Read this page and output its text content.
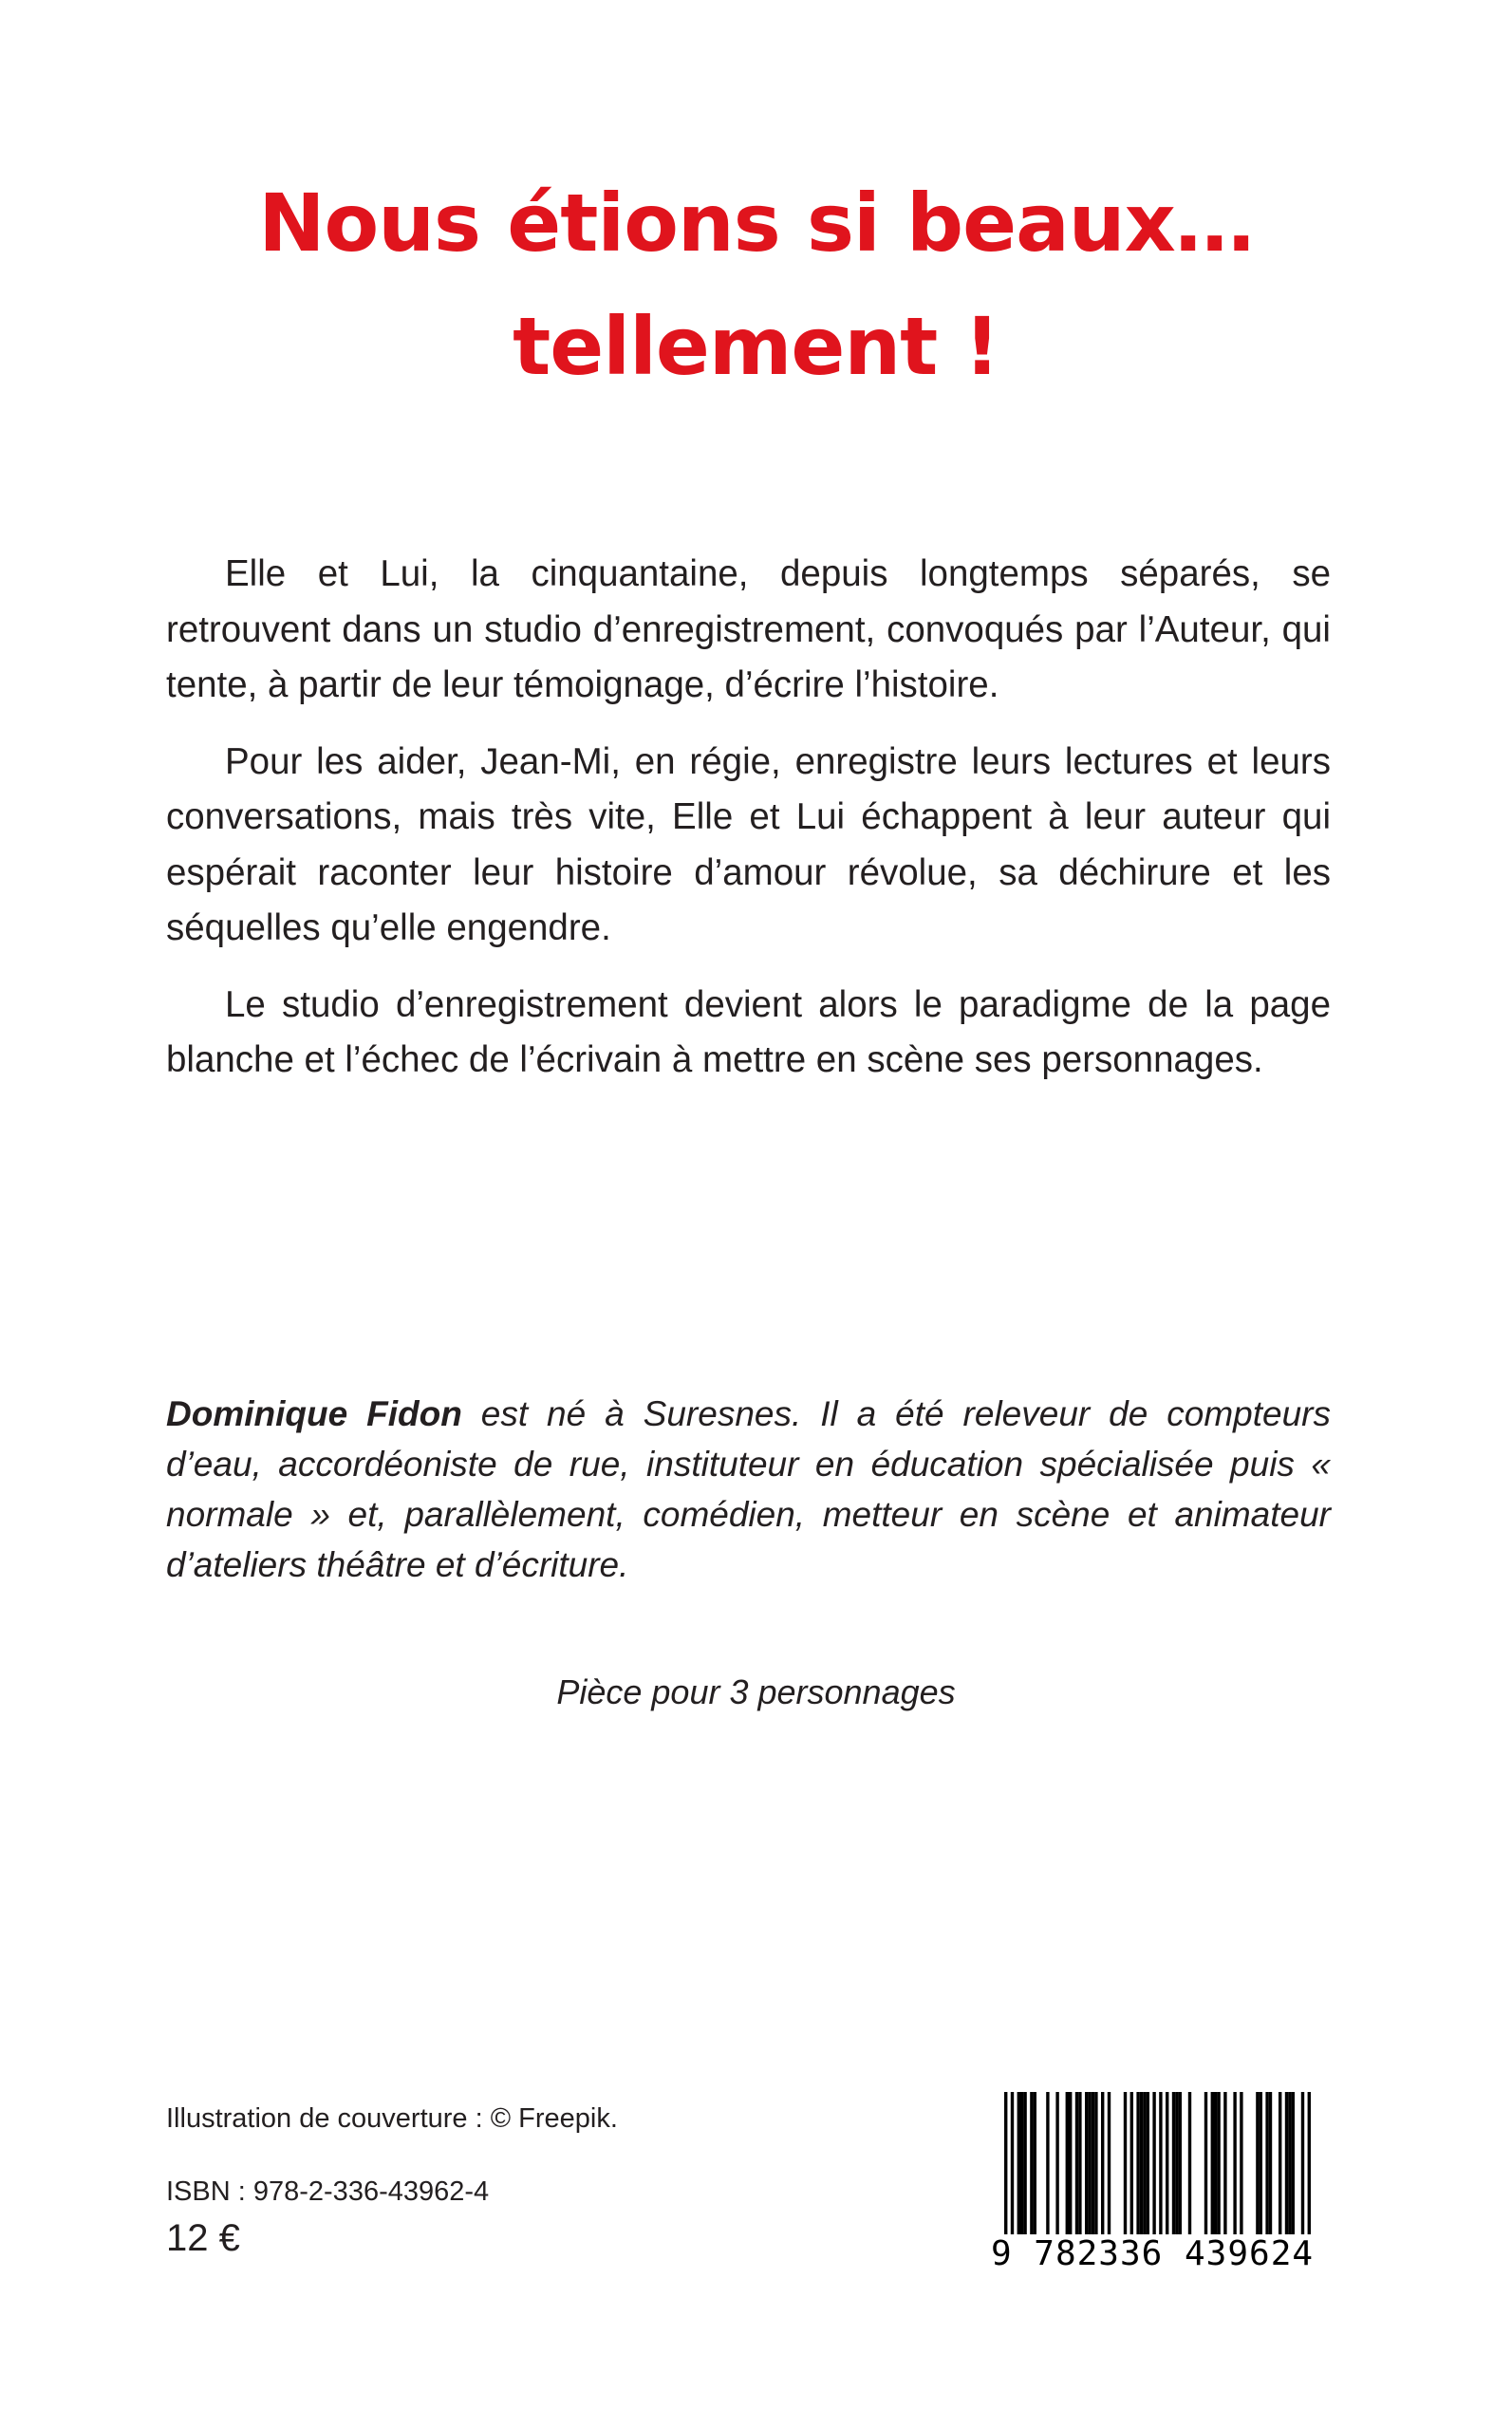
Nous étions si beaux…
tellement !

Elle et Lui, la cinquantaine, depuis longtemps séparés, se retrouvent dans un studio d’enregistrement, convoqués par l’Auteur, qui tente, à partir de leur témoignage, d’écrire l’histoire.

Pour les aider, Jean-Mi, en régie, enregistre leurs lectures et leurs conversations, mais très vite, Elle et Lui échappent à leur auteur qui espérait raconter leur histoire d’amour révolue, sa déchirure et les séquelles qu’elle engendre.

Le studio d’enregistrement devient alors le paradigme de la page blanche et l’échec de l’écrivain à mettre en scène ses personnages.

Dominique Fidon est né à Suresnes. Il a été releveur de compteurs d’eau, accordéoniste de rue, instituteur en éducation spécialisée puis « normale » et, parallèlement, comédien, metteur en scène et animateur d’ateliers théâtre et d’écriture.
Pièce pour 3 personnages
Illustration de couverture : © Freepik.
ISBN : 978-2-336-43962-4
12 €	9 782336 439624
